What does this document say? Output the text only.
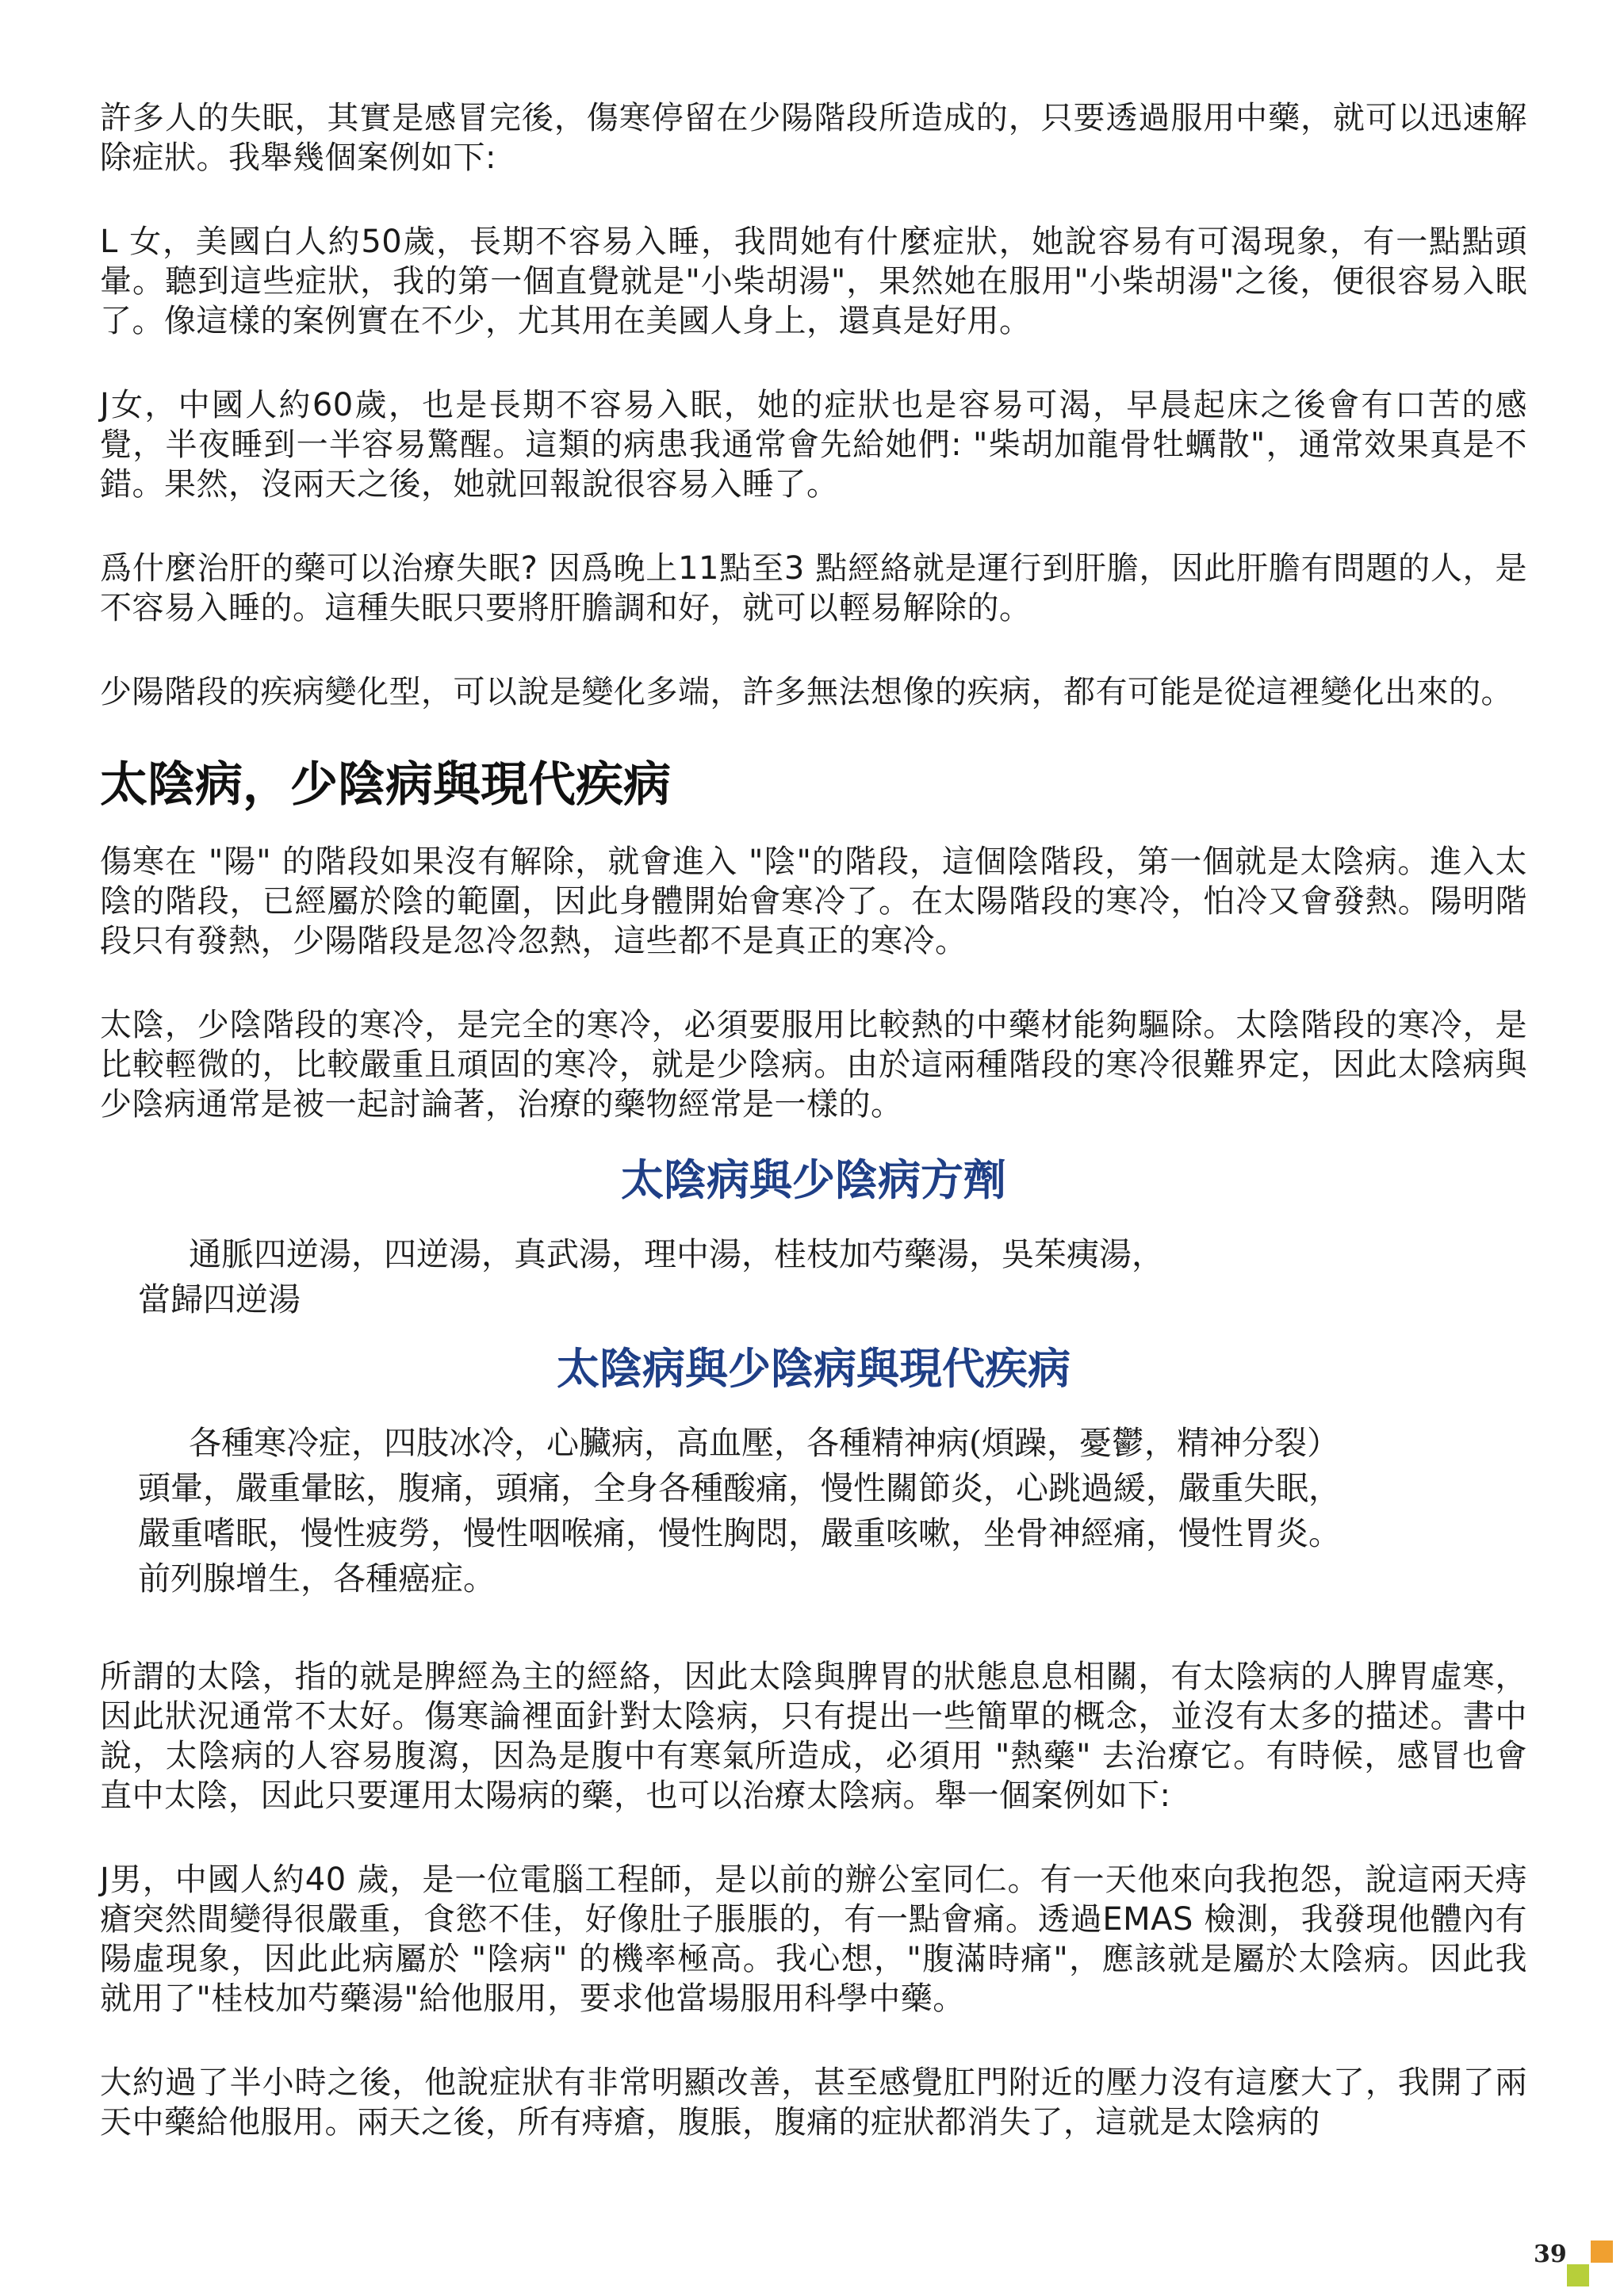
許多人的失眠，其實是感冒完後，傷寒停留在少陽階段所造成的，只要透過服用中藥，就可以迅速解除症狀。我舉幾個案例如下:

L 女，美國白人約50歲，長期不容易入睡，我問她有什麼症狀，她說容易有可渴現象，有一點點頭暈。聽到這些症狀，我的第一個直覺就是"小柴胡湯"，果然她在服用"小柴胡湯"之後，便很容易入眠了。像這樣的案例實在不少，尤其用在美國人身上，還真是好用。

J女，中國人約60歲，也是長期不容易入眠，她的症狀也是容易可渴，早晨起床之後會有口苦的感覺，半夜睡到一半容易驚醒。這類的病患我通常會先給她們: "柴胡加龍骨牡蠣散"，通常效果真是不錯。果然，沒兩天之後，她就回報說很容易入睡了。

爲什麼治肝的藥可以治療失眠? 因爲晚上11點至3 點經絡就是運行到肝膽，因此肝膽有問題的人，是不容易入睡的。這種失眠只要將肝膽調和好，就可以輕易解除的。

少陽階段的疾病變化型，可以說是變化多端，許多無法想像的疾病，都有可能是從這裡變化出來的。

太陰病，少陰病與現代疾病

傷寒在 "陽" 的階段如果沒有解除，就會進入 "陰"的階段，這個陰階段，第一個就是太陰病。進入太陰的階段，已經屬於陰的範圍，因此身體開始會寒冷了。在太陽階段的寒冷，怕冷又會發熱。陽明階段只有發熱，少陽階段是忽冷忽熱，這些都不是真正的寒冷。

太陰，少陰階段的寒冷，是完全的寒冷，必須要服用比較熱的中藥材能夠驅除。太陰階段的寒冷，是比較輕微的，比較嚴重且頑固的寒冷，就是少陰病。由於這兩種階段的寒冷很難界定，因此太陰病與少陰病通常是被一起討論著，治療的藥物經常是一樣的。

太陰病與少陰病方劑
通脈四逆湯，四逆湯，真武湯，理中湯，桂枝加芍藥湯，吳茱痍湯，
當歸四逆湯
太陰病與少陰病與現代疾病
各種寒冷症，四肢冰冷，心臟病，高血壓，各種精神病(煩躁，憂鬱，精神分裂）
頭暈，嚴重暈眩，腹痛，頭痛，全身各種酸痛，慢性關節炎，心跳過緩，嚴重失眠，
嚴重嗜眠，慢性疲勞，慢性咽喉痛，慢性胸悶，嚴重咳嗽，坐骨神經痛，慢性胃炎。
前列腺增生，各種癌症。

所謂的太陰，指的就是脾經為主的經絡，因此太陰與脾胃的狀態息息相關，有太陰病的人脾胃虛寒，因此狀況通常不太好。傷寒論裡面針對太陰病，只有提出一些簡單的概念，並沒有太多的描述。書中說，太陰病的人容易腹瀉，因為是腹中有寒氣所造成，必須用 "熱藥" 去治療它。有時候，感冒也會直中太陰，因此只要運用太陽病的藥，也可以治療太陰病。舉一個案例如下:

J男，中國人約40 歲，是一位電腦工程師，是以前的辦公室同仁。有一天他來向我抱怨，說這兩天痔瘡突然間變得很嚴重，食慾不佳，好像肚子脹脹的，有一點會痛。透過EMAS 檢測，我發現他體內有陽虛現象，因此此病屬於 "陰病" 的機率極高。我心想，"腹滿時痛"，應該就是屬於太陰病。因此我就用了"桂枝加芍藥湯"給他服用，要求他當場服用科學中藥。

大約過了半小時之後，他說症狀有非常明顯改善，甚至感覺肛門附近的壓力沒有這麼大了，我開了兩天中藥給他服用。兩天之後，所有痔瘡，腹脹，腹痛的症狀都消失了，這就是太陰病的

39
